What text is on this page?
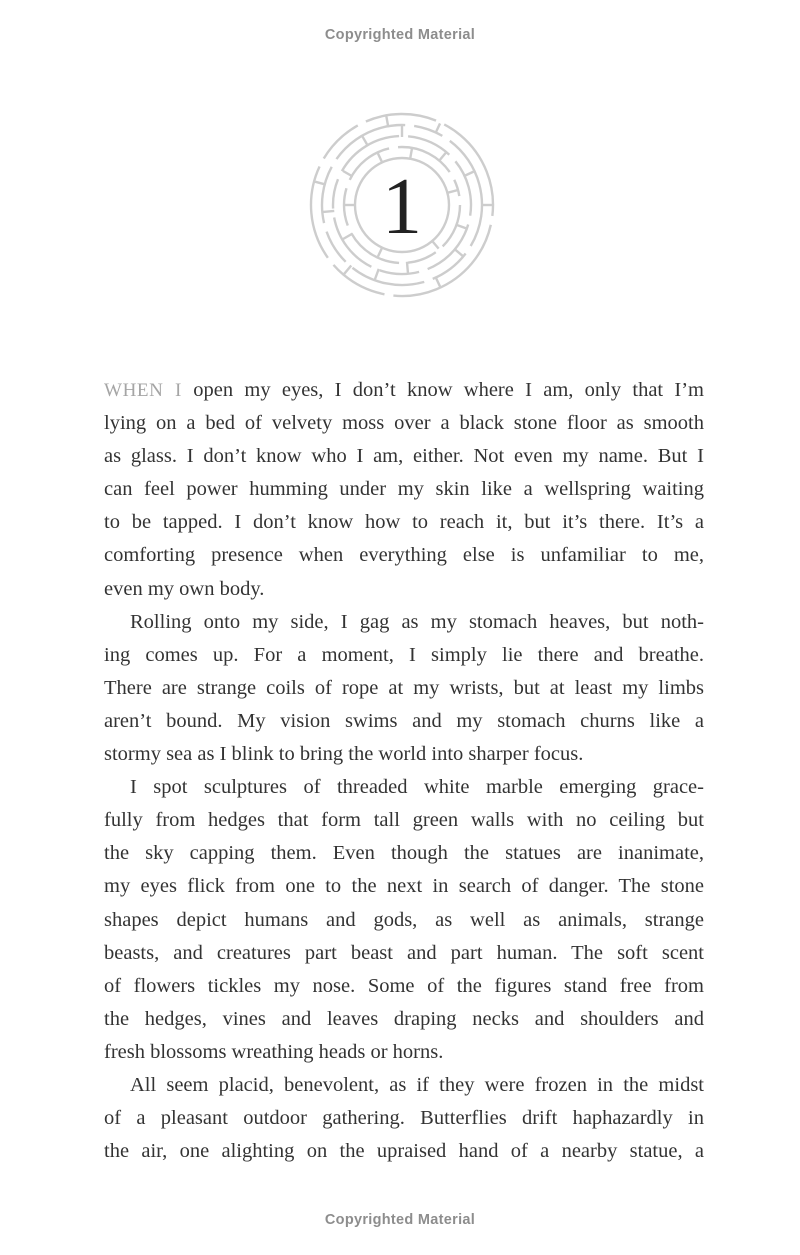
Copyrighted Material
1
WHEN I open my eyes, I don’t know where I am, only that I’m
lying on a bed of velvety moss over a black stone floor as smooth
as glass. I don’t know who I am, either. Not even my name. But I
can feel power humming under my skin like a wellspring waiting
to be tapped. I don’t know how to reach it, but it’s there. It’s a
comforting presence when everything else is unfamiliar to me,
even my own body.
Rolling onto my side, I gag as my stomach heaves, but noth-
ing comes up. For a moment, I simply lie there and breathe.
There are strange coils of rope at my wrists, but at least my limbs
aren’t bound. My vision swims and my stomach churns like a
stormy sea as I blink to bring the world into sharper focus.
I spot sculptures of threaded white marble emerging grace-
fully from hedges that form tall green walls with no ceiling but
the sky capping them. Even though the statues are inanimate,
my eyes flick from one to the next in search of danger. The stone
shapes depict humans and gods, as well as animals, strange
beasts, and creatures part beast and part human. The soft scent
of flowers tickles my nose. Some of the figures stand free from
the hedges, vines and leaves draping necks and shoulders and
fresh blossoms wreathing heads or horns.
All seem placid, benevolent, as if they were frozen in the midst
of a pleasant outdoor gathering. Butterflies drift haphazardly in
the air, one alighting on the upraised hand of a nearby statue, a
Copyrighted Material
